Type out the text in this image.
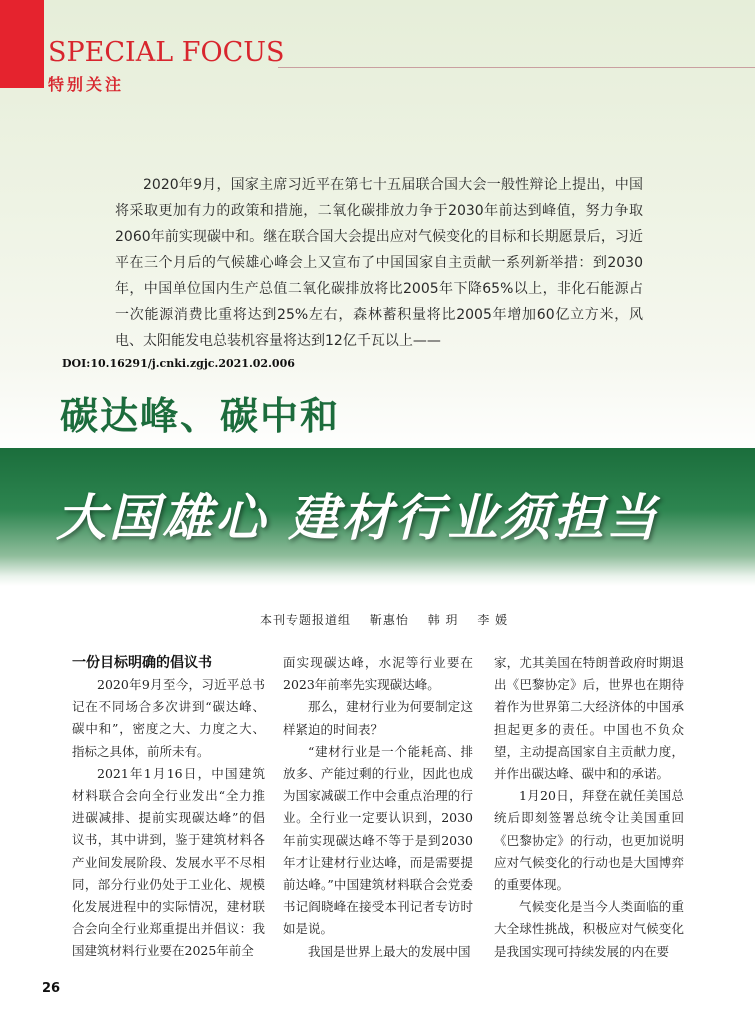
SPECIAL FOCUS
特别关注

2020年9月，国家主席习近平在第七十五届联合国大会一般性辩论上提出，中国将采取更加有力的政策和措施，二氧化碳排放力争于2030年前达到峰值，努力争取2060年前实现碳中和。继在联合国大会提出应对气候变化的目标和长期愿景后，习近平在三个月后的气候雄心峰会上又宣布了中国国家自主贡献一系列新举措：到2030年，中国单位国内生产总值二氧化碳排放将比2005年下降65%以上，非化石能源占一次能源消费比重将达到25%左右，森林蓄积量将比2005年增加60亿立方米，风电、太阳能发电总装机容量将达到12亿千瓦以上——

DOI:10.16291/j.cnki.zgjc.2021.02.006
碳达峰、碳中和
大国雄心 建材行业须担当
本刊专题报道组 靳惠怡 韩 玥 李 媛
一份目标明确的倡议书

2020年9月至今，习近平总书记在不同场合多次讲到“碳达峰、碳中和”，密度之大、力度之大、指标之具体，前所未有。

2021年1月16日，中国建筑材料联合会向全行业发出“全力推进碳减排、提前实现碳达峰”的倡议书，其中讲到，鉴于建筑材料各产业间发展阶段、发展水平不尽相同，部分行业仍处于工业化、规模化发展进程中的实际情况，建材联合会向全行业郑重提出并倡议：我国建筑材料行业要在2025年前全

面实现碳达峰，水泥等行业要在2023年前率先实现碳达峰。

那么，建材行业为何要制定这样紧迫的时间表？

“建材行业是一个能耗高、排放多、产能过剩的行业，因此也成为国家减碳工作中会重点治理的行业。全行业一定要认识到，2030年前实现碳达峰不等于是到2030年才让建材行业达峰，而是需要提前达峰。”中国建筑材料联合会党委书记阎晓峰在接受本刊记者专访时如是说。

我国是世界上最大的发展中国

家，尤其美国在特朗普政府时期退出《巴黎协定》后，世界也在期待着作为世界第二大经济体的中国承担起更多的责任。中国也不负众望，主动提高国家自主贡献力度，并作出碳达峰、碳中和的承诺。

1月20日，拜登在就任美国总统后即刻签署总统令让美国重回《巴黎协定》的行动，也更加说明应对气候变化的行动也是大国博弈的重要体现。

气候变化是当今人类面临的重大全球性挑战，积极应对气候变化是我国实现可持续发展的内在要

26
